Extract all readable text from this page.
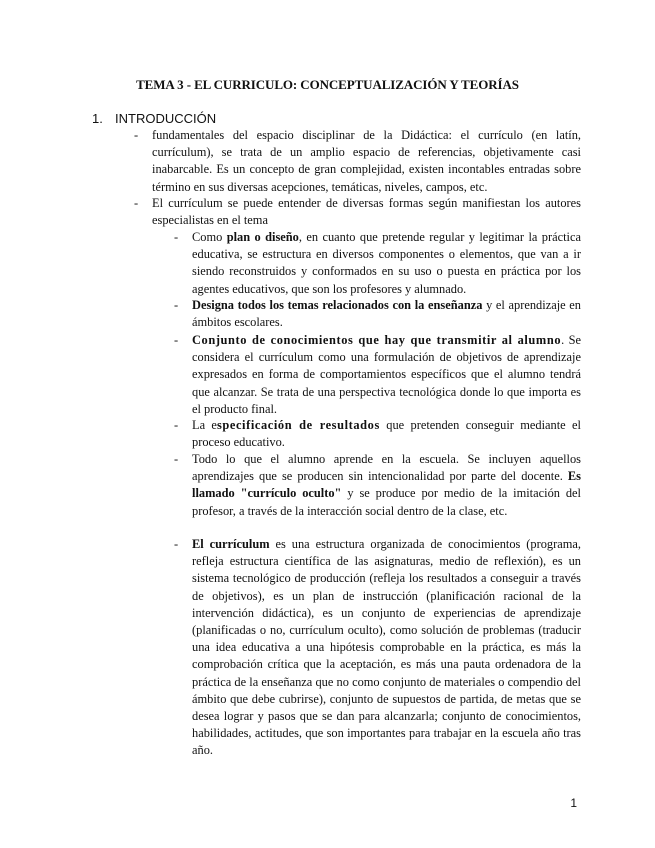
TEMA 3 - EL CURRICULO: CONCEPTUALIZACIÓN Y TEORÍAS
1. INTRODUCCIÓN
- fundamentales del espacio disciplinar de la Didáctica: el currículo (en latín, currículum), se trata de un amplio espacio de referencias, objetivamente casi inabarcable. Es un concepto de gran complejidad, existen incontables entradas sobre término en sus diversas acepciones, temáticas, niveles, campos, etc.

- El currículum se puede entender de diversas formas según manifiestan los autores especialistas en el tema

- Como plan o diseño, en cuanto que pretende regular y legitimar la práctica educativa, se estructura en diversos componentes o elementos, que van a ir siendo reconstruidos y conformados en su uso o puesta en práctica por los agentes educativos, que son los profesores y alumnado.

- Designa todos los temas relacionados con la enseñanza y el aprendizaje en ámbitos escolares.

- Conjunto de conocimientos que hay que transmitir al alumno. Se considera el currículum como una formulación de objetivos de aprendizaje expresados en forma de comportamientos específicos que el alumno tendrá que alcanzar. Se trata de una perspectiva tecnológica donde lo que importa es el producto final.

- La especificación de resultados que pretenden conseguir mediante el proceso educativo.

- Todo lo que el alumno aprende en la escuela. Se incluyen aquellos aprendizajes que se producen sin intencionalidad por parte del docente. Es llamado "currículo oculto" y se produce por medio de la imitación del profesor, a través de la interacción social dentro de la clase, etc.

- El currículum es una estructura organizada de conocimientos (programa, refleja estructura científica de las asignaturas, medio de reflexión), es un sistema tecnológico de producción (refleja los resultados a conseguir a través de objetivos), es un plan de instrucción (planificación racional de la intervención didáctica), es un conjunto de experiencias de aprendizaje (planificadas o no, currículum oculto), como solución de problemas (traducir una idea educativa a una hipótesis comprobable en la práctica, es más la comprobación crítica que la aceptación, es más una pauta ordenadora de la práctica de la enseñanza que no como conjunto de materiales o compendio del ámbito que debe cubrirse), conjunto de supuestos de partida, de metas que se desea lograr y pasos que se dan para alcanzarla; conjunto de conocimientos, habilidades, actitudes, que son importantes para trabajar en la escuela año tras año.

1
